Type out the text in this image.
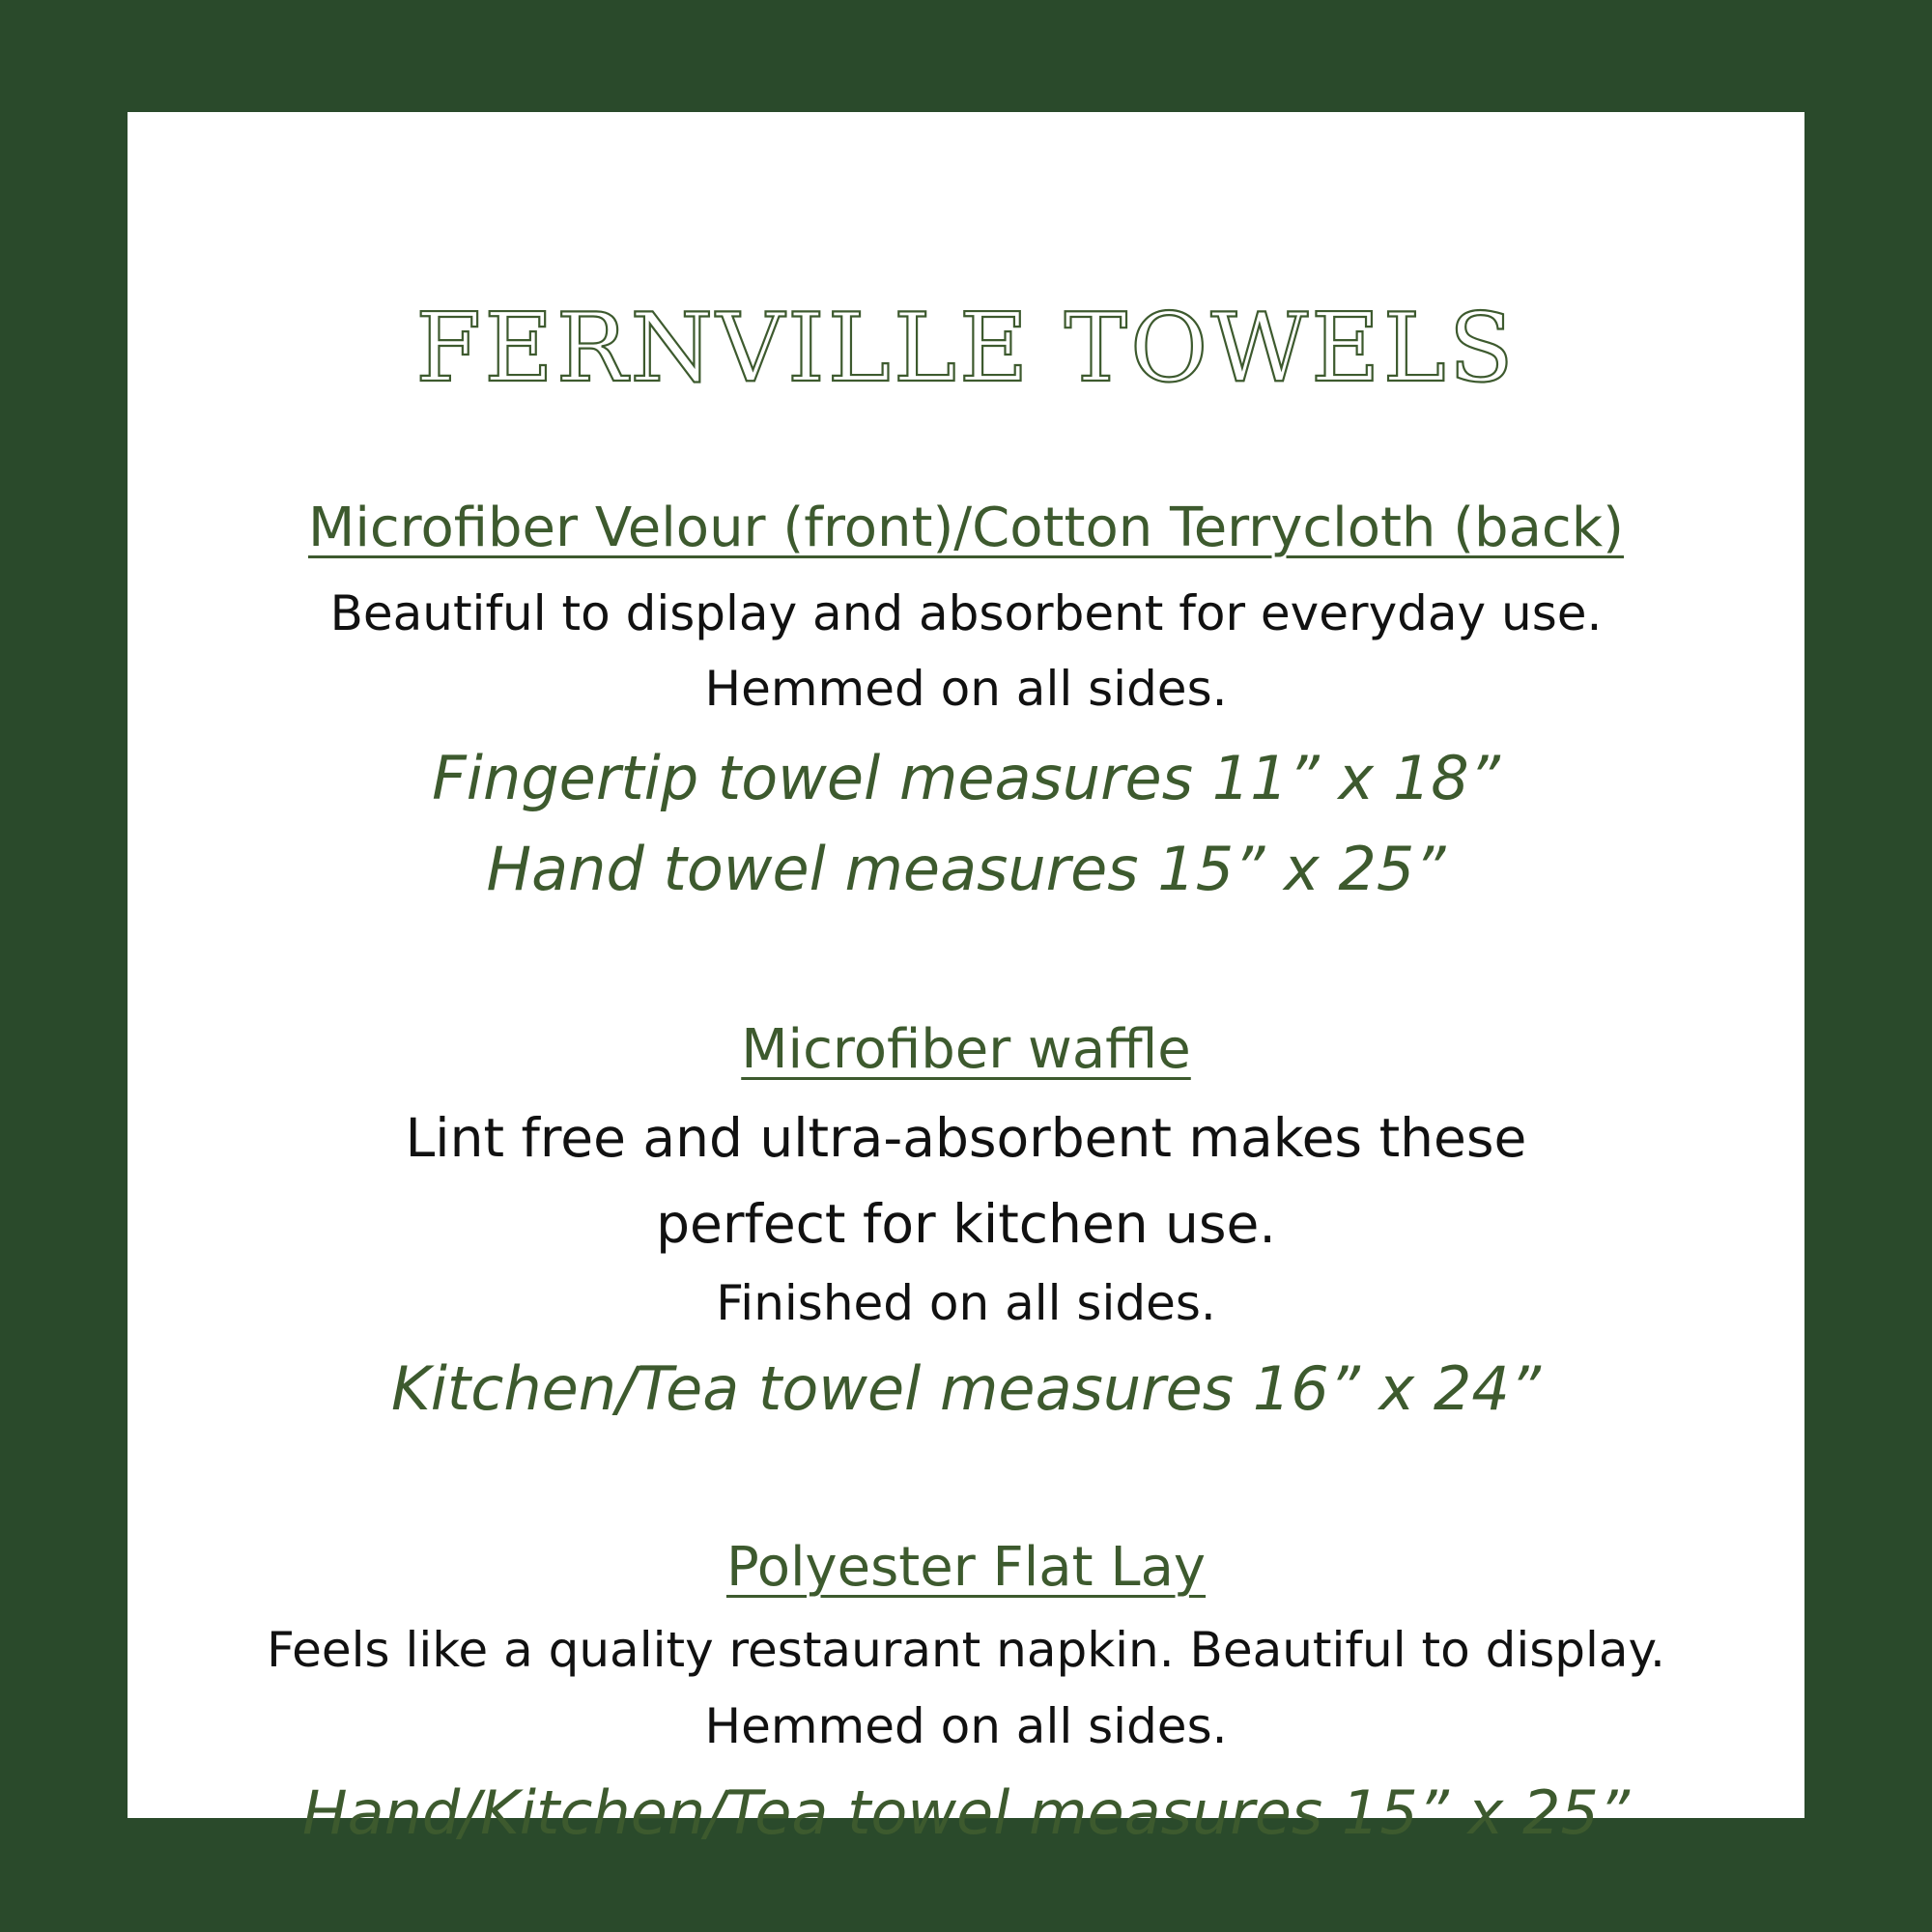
FERNVILLE TOWELS
Microfiber Velour (front)/Cotton Terrycloth (back)
Beautiful to display and absorbent for everyday use.
Hemmed on all sides.
Fingertip towel measures 11” x 18”
Hand towel measures 15” x 25”
Microfiber waffle
Lint free and ultra-absorbent makes these
perfect for kitchen use.
Finished on all sides.
Kitchen/Tea towel measures 16” x 24”
Polyester Flat Lay
Feels like a quality restaurant napkin. Beautiful to display.
Hemmed on all sides.
Hand/Kitchen/Tea towel measures 15” x 25”
